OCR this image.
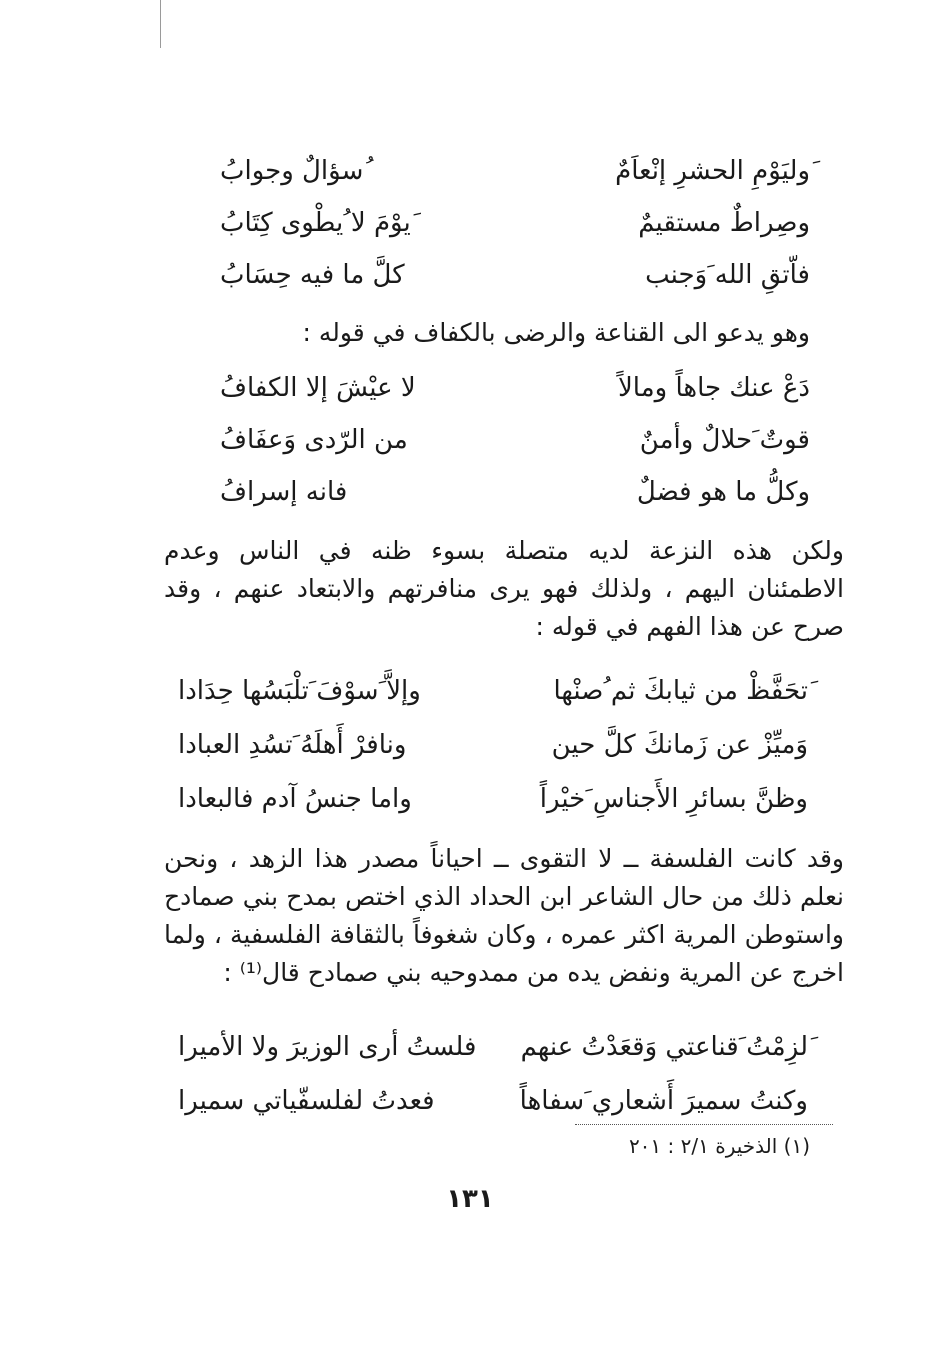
َوليَوْمِ الحشرِ إنْعاَمٌ
ُسؤالٌ وجوابُ
وصِراطٌ مستقيمٌ
َيوْمَ لا ُيطْوى كِتَابُ
فاّتقِ الله َوَجنب
كلَّ ما فيه حِسَابُ
وهو يدعو الى القناعة والرضى بالكفاف في قوله :
دَعْ عنك جاهاً ومالاً
لا عيْشَ إلا الكفافُ
قوتٌ َحلالٌ وأمنٌ
من الرّدى وَعفَافُ
وكلُّ ما هو فضلٌ
فانه إسرافُ
ولكن هذه النزعة لديه متصلة بسوء ظنه في الناس وعدم الاطمئنان اليهم ، ولذلك فهو يرى منافرتهم والابتعاد عنهم ، وقد صرح عن هذا الفهم في قوله :
َتحَفَّظْ من ثيابكَ ثم ُصنْها
وإلاَّ َسوْفَ َتلْبَسُها حِدَادا
وَميِّزْ عن زَمانكَ كلَّ حين
ونافرْ أَهلَهُ َتسُدِ العبادا
وظنَّ بسائرِ الأَجناسِ َخيْراً
واما جنسُ آدم فالبعادا
وقد كانت الفلسفة ــ لا التقوى ــ احياناً مصدر هذا الزهد ، ونحن نعلم ذلك من حال الشاعر ابن الحداد الذي اختص بمدح بني صمادح واستوطن المرية اكثر عمره ، وكان شغوفاً بالثقافة الفلسفية ، ولما اخرج عن المرية ونفض يده من ممدوحيه بني صمادح قال⁽¹⁾ :
َلزِمْتُ َقناعتي وَقعَدْتُ عنهم
فلستُ أرى الوزيرَ ولا الأميرا
وكنتُ سميرَ أَشعاري َسفاهاً
فعدتُ لفلسفّياتي سميرا
(١) الذخيرة ٢/١ : ٢٠١
١٣١
